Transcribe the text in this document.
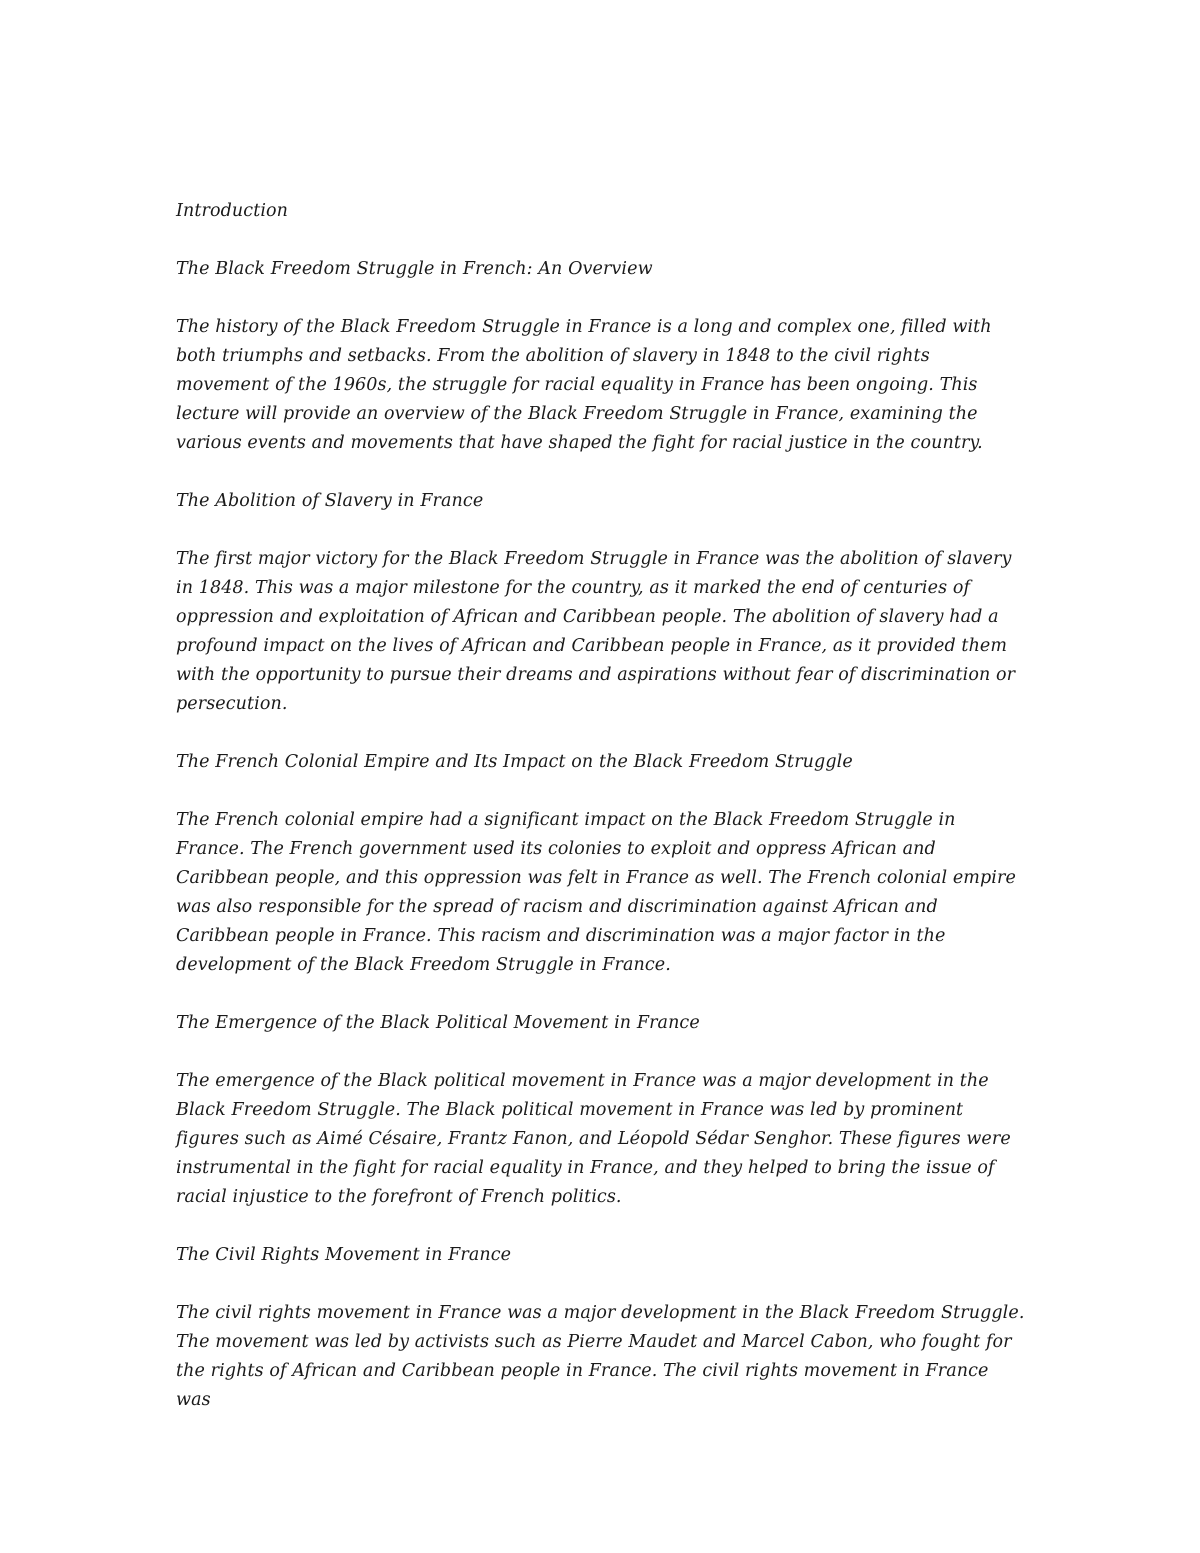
Introduction

The Black Freedom Struggle in French: An Overview

The history of the Black Freedom Struggle in France is a long and complex one, filled with both triumphs and setbacks. From the abolition of slavery in 1848 to the civil rights movement of the 1960s, the struggle for racial equality in France has been ongoing. This lecture will provide an overview of the Black Freedom Struggle in France, examining the various events and movements that have shaped the fight for racial justice in the country.

The Abolition of Slavery in France

The first major victory for the Black Freedom Struggle in France was the abolition of slavery in 1848. This was a major milestone for the country, as it marked the end of centuries of oppression and exploitation of African and Caribbean people. The abolition of slavery had a profound impact on the lives of African and Caribbean people in France, as it provided them with the opportunity to pursue their dreams and aspirations without fear of discrimination or persecution.

The French Colonial Empire and Its Impact on the Black Freedom Struggle

The French colonial empire had a significant impact on the Black Freedom Struggle in France. The French government used its colonies to exploit and oppress African and Caribbean people, and this oppression was felt in France as well. The French colonial empire was also responsible for the spread of racism and discrimination against African and Caribbean people in France. This racism and discrimination was a major factor in the development of the Black Freedom Struggle in France.

The Emergence of the Black Political Movement in France

The emergence of the Black political movement in France was a major development in the Black Freedom Struggle. The Black political movement in France was led by prominent figures such as Aimé Césaire, Frantz Fanon, and Léopold Sédar Senghor. These figures were instrumental in the fight for racial equality in France, and they helped to bring the issue of racial injustice to the forefront of French politics.

The Civil Rights Movement in France

The civil rights movement in France was a major development in the Black Freedom Struggle. The movement was led by activists such as Pierre Maudet and Marcel Cabon, who fought for the rights of African and Caribbean people in France. The civil rights movement in France was
